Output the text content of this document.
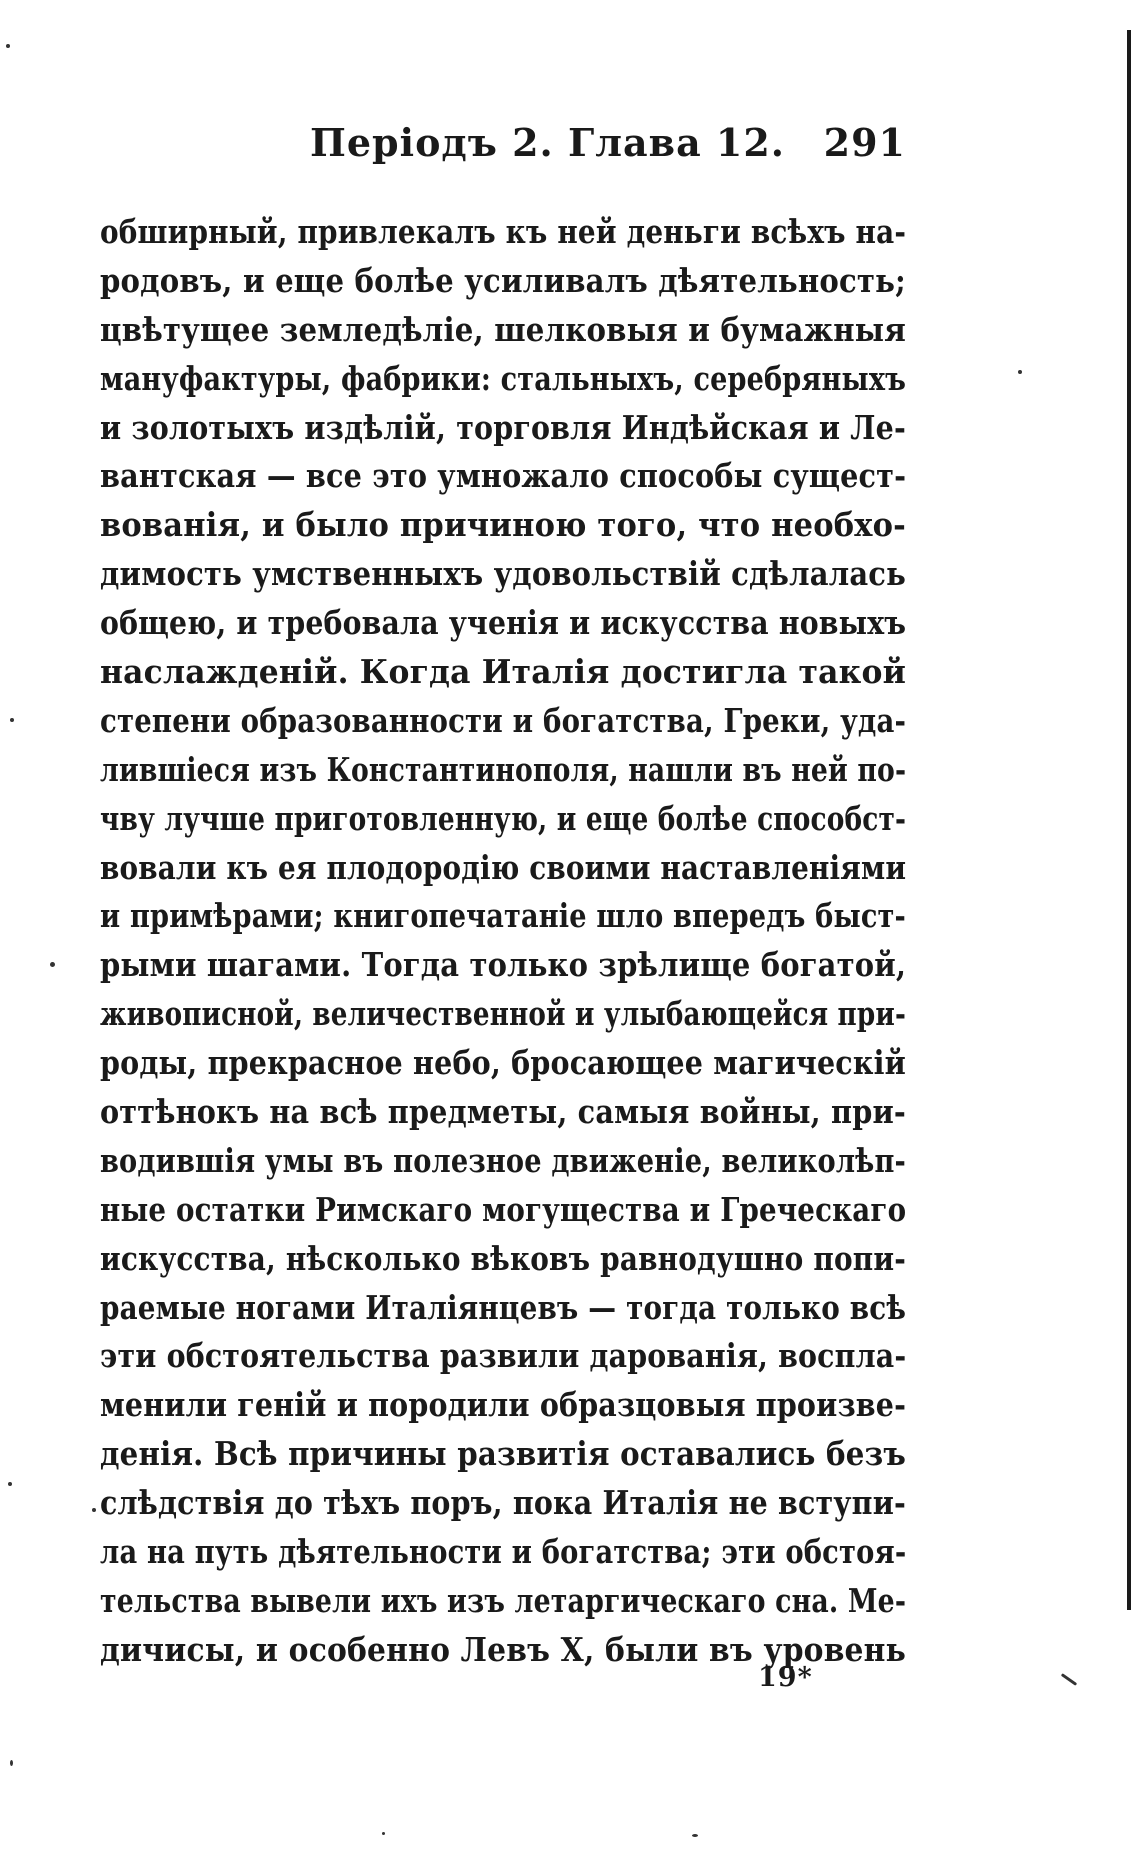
Періодъ 2. Глава 12. 291
обширный, привлекалъ къ ней деньги всѣхъ на-
родовъ, и еще болѣе усиливалъ дѣятельность;
цвѣтущее земледѣліе, шелковыя и бумажныя
мануфактуры, фабрики: стальныхъ, серебряныхъ
и золотыхъ издѣлій, торговля Индѣйская и Ле-
вантская — все это умножало способы сущест-
вованія, и было причиною того, что необхо-
димость умственныхъ удовольствій сдѣлалась
общею, и требовала ученія и искусства новыхъ
наслажденій. Когда Италія достигла такой
степени образованности и богатства, Греки, уда-
лившіеся изъ Константинополя, нашли въ ней по-
чву лучше приготовленную, и еще болѣе способст-
вовали къ ея плодородію своими наставленіями
и примѣрами; книгопечатаніе шло впередъ быст-
рыми шагами. Тогда только зрѣлище богатой,
живописной, величественной и улыбающейся при-
роды, прекрасное небо, бросающее магическій
оттѣнокъ на всѣ предметы, самыя войны, при-
водившія умы въ полезное движеніе, великолѣп-
ные остатки Римскаго могущества и Греческаго
искусства, нѣсколько вѣковъ равнодушно попи-
раемые ногами Италіянцевъ — тогда только всѣ
эти обстоятельства развили дарованія, воспла-
менили геній и породили образцовыя произве-
денія. Всѣ причины развитія оставались безъ
слѣдствія до тѣхъ поръ, пока Италія не вступи-
ла на путь дѣятельности и богатства; эти обстоя-
тельства вывели ихъ изъ летаргическаго сна. Ме-
дичисы, и особенно Левъ X, были въ уровень
19*
